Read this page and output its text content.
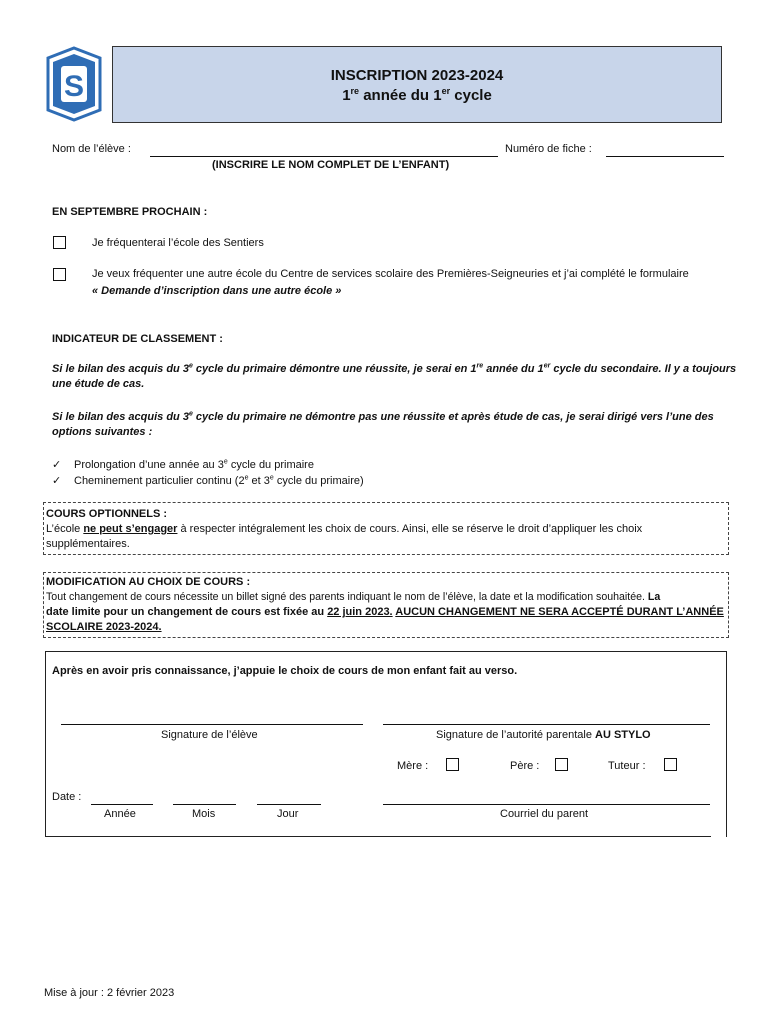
S	INSCRIPTION 2023-2024
1re année du 1er cycle
Nom de l’élève :	Numéro de fiche :
(INSCRIRE LE NOM COMPLET DE L’ENFANT)
EN SEPTEMBRE PROCHAIN :
Je fréquenterai l’école des Sentiers
Je veux fréquenter une autre école du Centre de services scolaire des Premières-Seigneuries et j’ai complété le formulaire
« Demande d’inscription dans une autre école »
INDICATEUR DE CLASSEMENT :
Si le bilan des acquis du 3e cycle du primaire démontre une réussite, je serai en 1re année du 1er cycle du secondaire. Il y a toujours
une étude de cas.
Si le bilan des acquis du 3e cycle du primaire ne démontre pas une réussite et après étude de cas, je serai dirigé vers l’une des
options suivantes :
✓ Prolongation d’une année au 3e cycle du primaire
✓ Cheminement particulier continu (2e et 3e cycle du primaire)
COURS OPTIONNELS :
L’école ne peut s’engager à respecter intégralement les choix de cours. Ainsi, elle se réserve le droit d’appliquer les choix
supplémentaires.
MODIFICATION AU CHOIX DE COURS :
Tout changement de cours nécessite un billet signé des parents indiquant le nom de l’élève, la date et la modification souhaitée. La
date limite pour un changement de cours est fixée au 22 juin 2023. AUCUN CHANGEMENT NE SERA ACCEPTÉ DURANT L’ANNÉE
SCOLAIRE 2023-2024.
Après en avoir pris connaissance, j’appuie le choix de cours de mon enfant fait au verso.
Signature de l’élève	Signature de l’autorité parentale AU STYLO
Mère :	Père :	Tuteur :
Date :
Année	Mois	Jour	Courriel du parent
Mise à jour : 2 février 2023
